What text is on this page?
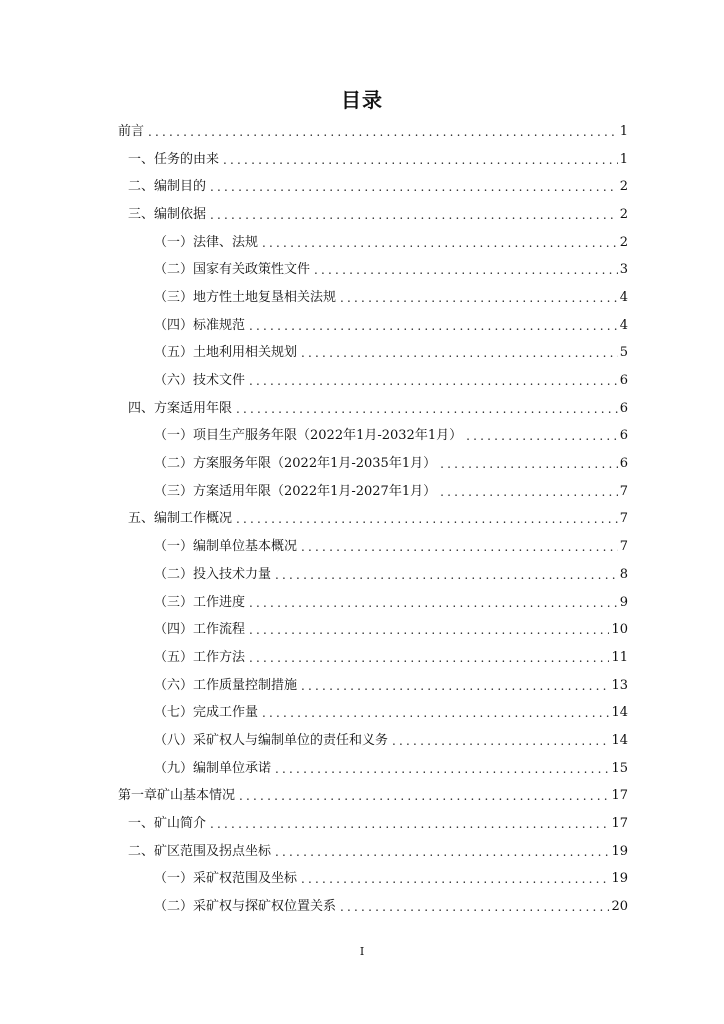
目录
前言 .....	1
一、任务的由来 .....	1
二、编制目的 .....	2
三、编制依据 .....	2
（一）法律、法规 .....	2
（二）国家有关政策性文件 .....	3
（三）地方性土地复垦相关法规 .....	4
（四）标准规范 .....	4
（五）土地利用相关规划 .....	5
（六）技术文件 .....	6
四、方案适用年限 .....	6
（一）项目生产服务年限（2022年1月-2032年1月） .....	6
（二）方案服务年限（2022年1月-2035年1月） .....	6
（三）方案适用年限（2022年1月-2027年1月） .....	7
五、编制工作概况 .....	7
（一）编制单位基本概况 .....	7
（二）投入技术力量 .....	8
（三）工作进度 .....	9
（四）工作流程 .....	10
（五）工作方法 .....	11
（六）工作质量控制措施 .....	13
（七）完成工作量 .....	14
（八）采矿权人与编制单位的责任和义务 .....	14
（九）编制单位承诺 .....	15
第一章矿山基本情况 .....	17
一、矿山简介 .....	17
二、矿区范围及拐点坐标 .....	19
（一）采矿权范围及坐标 .....	19
（二）采矿权与探矿权位置关系 .....	20
I
